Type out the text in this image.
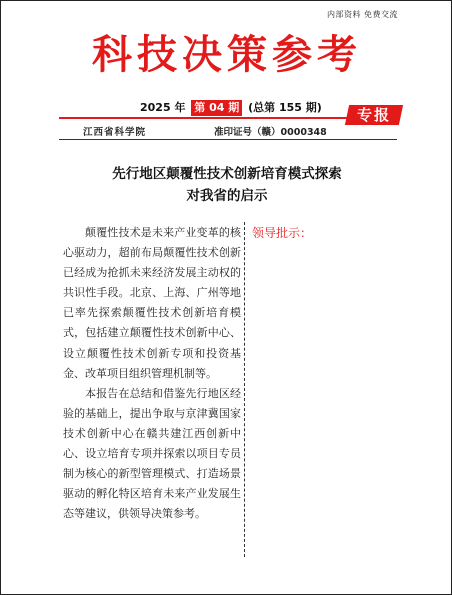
内部资料 免费交流
科技决策参考
2025 年 第 04 期 (总第 155 期)	专报
江西省科学院	准印证号（赣）0000348
先行地区颠覆性技术创新培育模式探索
对我省的启示

颠覆性技术是未来产业变革的核心驱动力，超前布局颠覆性技术创新已经成为抢抓未来经济发展主动权的共识性手段。北京、上海、广州等地已率先探索颠覆性技术创新培育模式，包括建立颠覆性技术创新中心、设立颠覆性技术创新专项和投资基金、改革项目组织管理机制等。

本报告在总结和借鉴先行地区经验的基础上，提出争取与京津冀国家技术创新中心在赣共建江西创新中心、设立培育专项并探索以项目专员制为核心的新型管理模式、打造场景驱动的孵化特区培育未来产业发展生态等建议，供领导决策参考。

领导批示：
